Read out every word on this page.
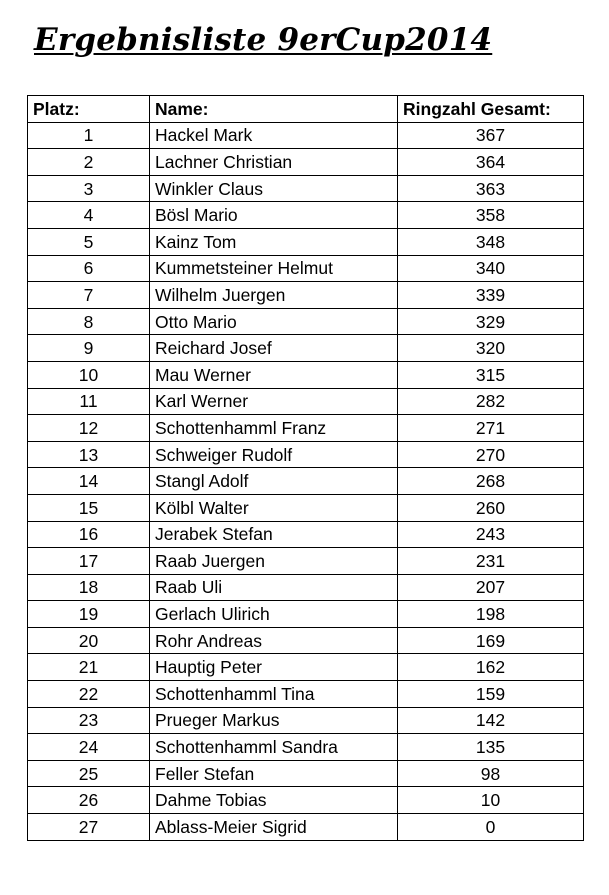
Ergebnisliste 9erCup2014
Platz:	Name:	Ringzahl Gesamt:
1	Hackel Mark	367
2	Lachner Christian	364
3	Winkler Claus	363
4	Bösl Mario	358
5	Kainz Tom	348
6	Kummetsteiner Helmut	340
7	Wilhelm Juergen	339
8	Otto Mario	329
9	Reichard Josef	320
10	Mau Werner	315
11	Karl Werner	282
12	Schottenhamml Franz	271
13	Schweiger Rudolf	270
14	Stangl Adolf	268
15	Kölbl Walter	260
16	Jerabek Stefan	243
17	Raab Juergen	231
18	Raab Uli	207
19	Gerlach Ulirich	198
20	Rohr Andreas	169
21	Hauptig Peter	162
22	Schottenhamml Tina	159
23	Prueger Markus	142
24	Schottenhamml Sandra	135
25	Feller Stefan	98
26	Dahme Tobias	10
27	Ablass-Meier Sigrid	0
